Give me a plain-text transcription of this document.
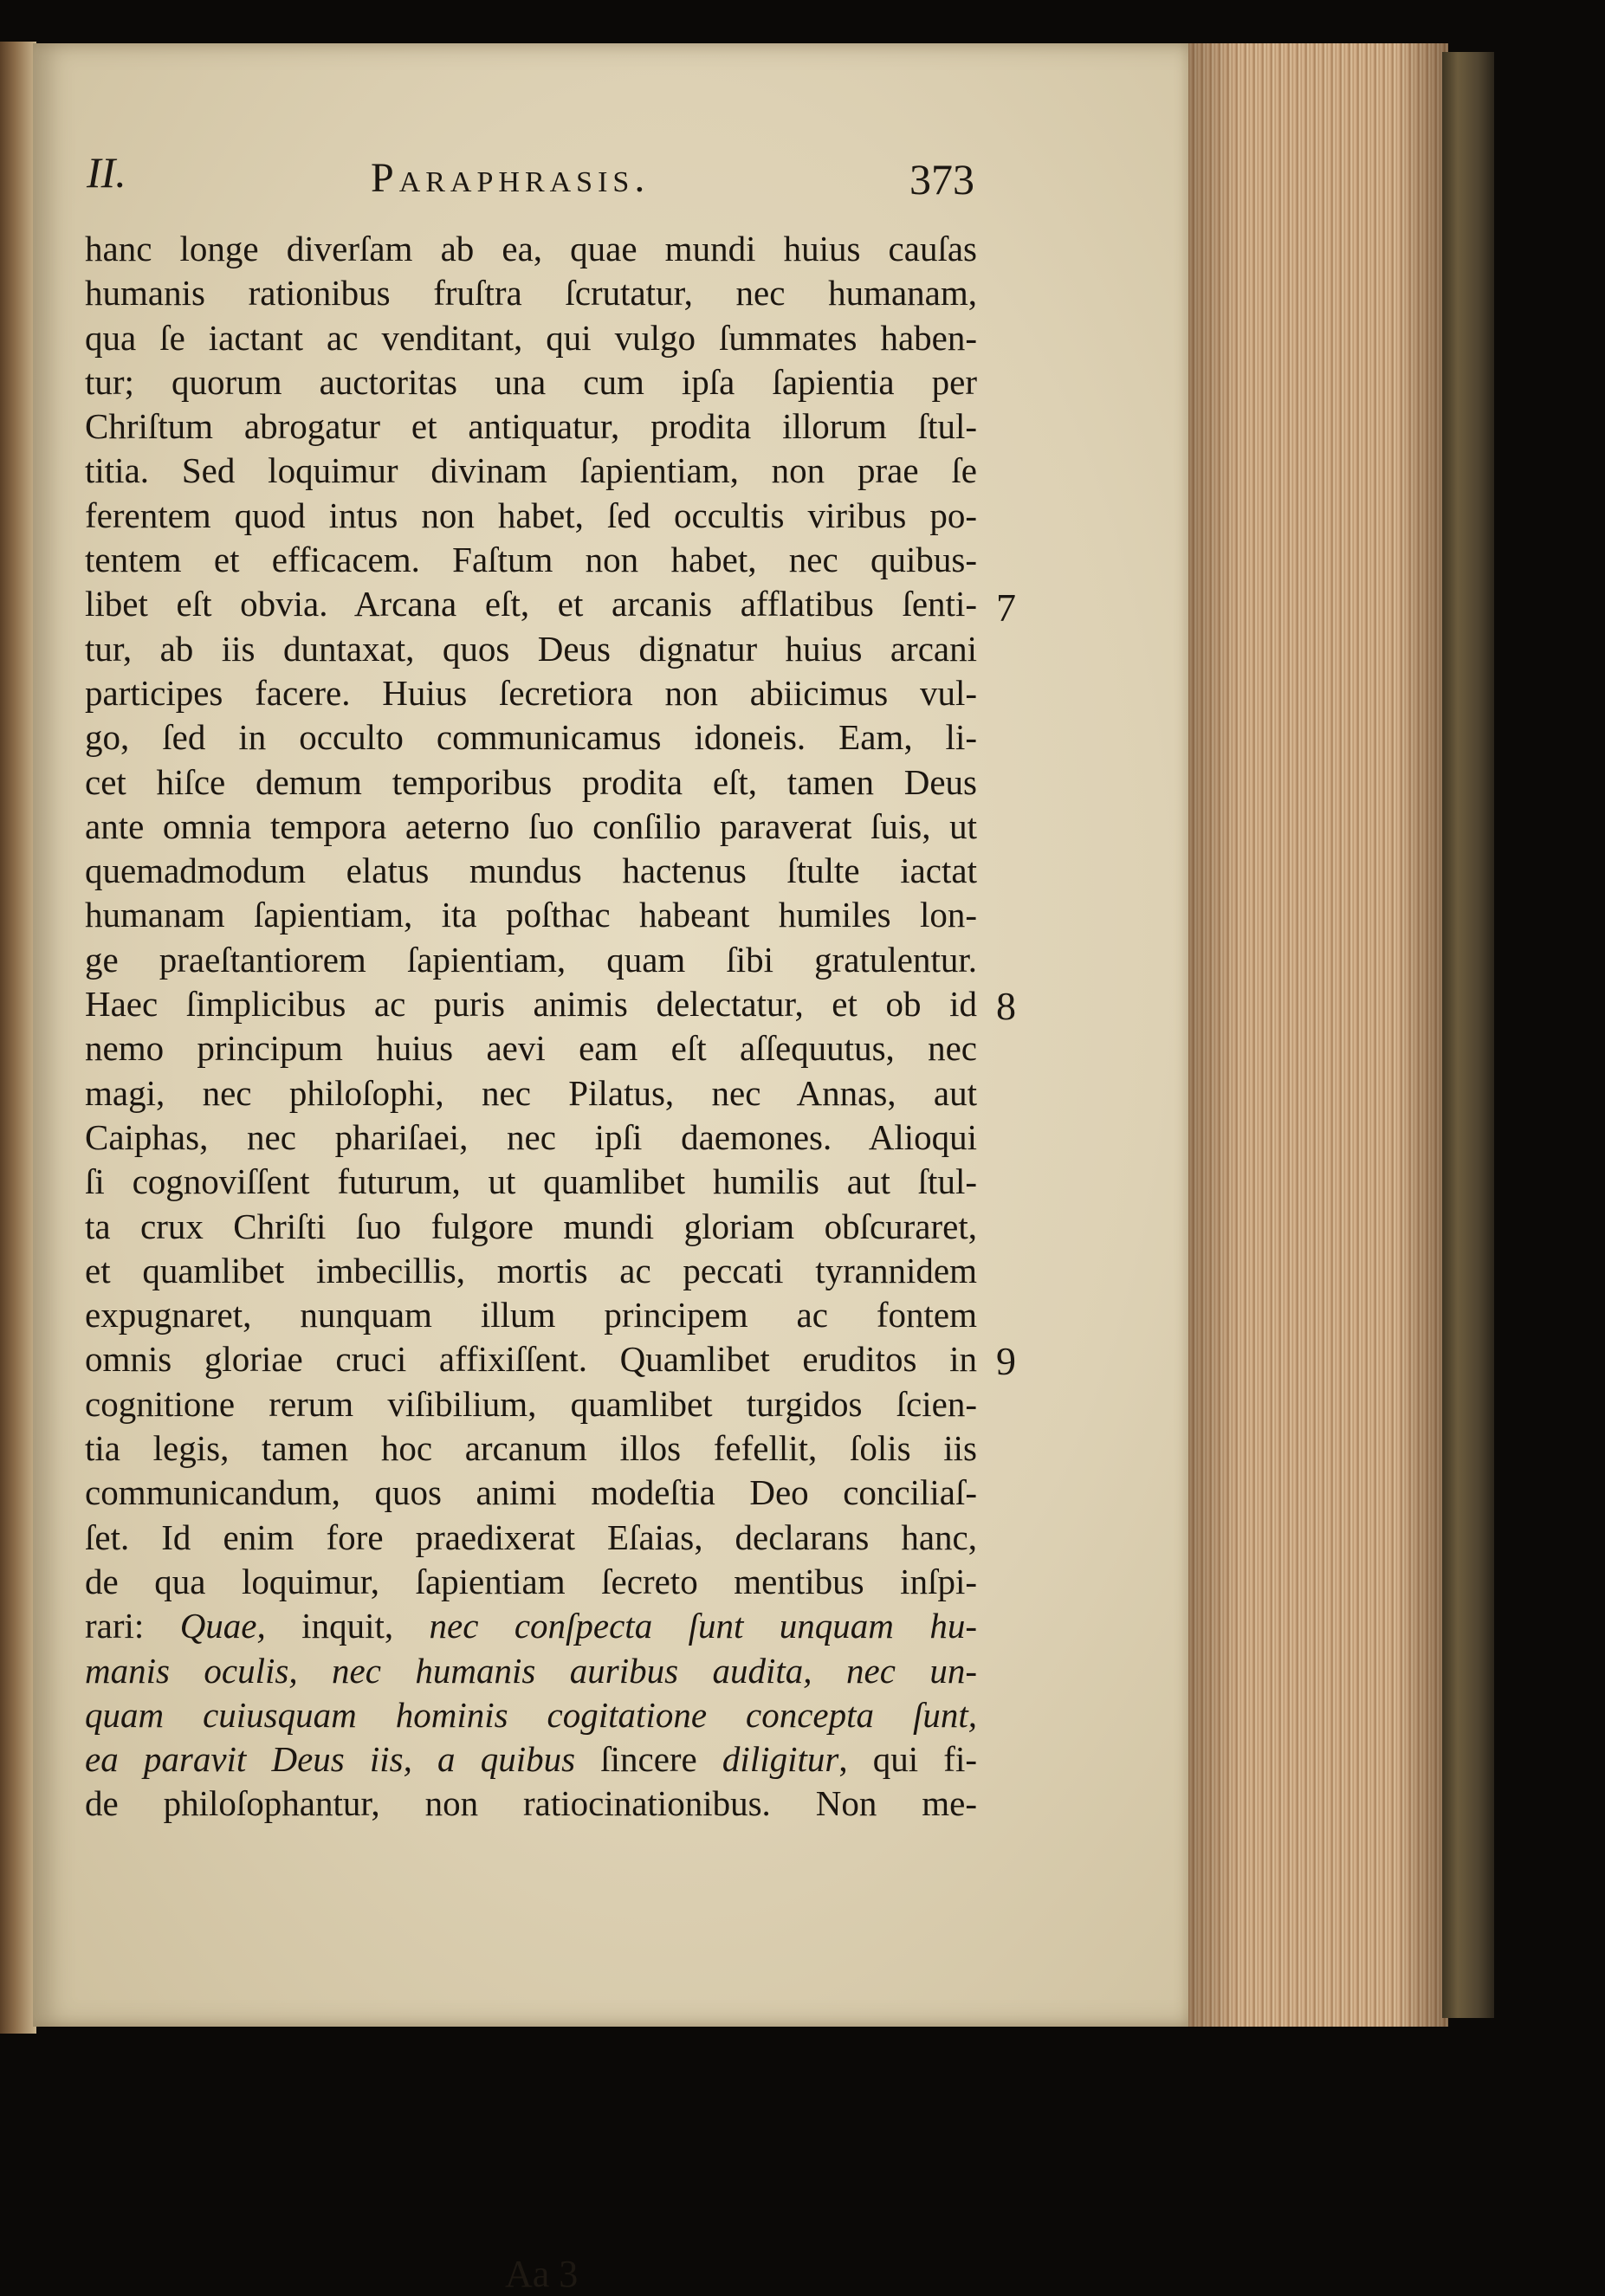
II.	Paraphrasis.	373
hanc longe diverſam ab ea, quae mundi huius cauſas
humanis rationibus fruſtra ſcrutatur, nec humanam,
qua ſe iactant ac venditant, qui vulgo ſummates haben-
tur; quorum auctoritas una cum ipſa ſapientia per
Chriſtum abrogatur et antiquatur, prodita illorum ſtul-
titia. Sed loquimur divinam ſapientiam, non prae ſe
ferentem quod intus non habet, ſed occultis viribus po-
tentem et efficacem. Faſtum non habet, nec quibus-
libet eſt obvia. Arcana eſt, et arcanis afflatibus ſenti-
tur, ab iis duntaxat, quos Deus dignatur huius arcani
participes facere. Huius ſecretiora non abiicimus vul-
go, ſed in occulto communicamus idoneis. Eam, li-
cet hiſce demum temporibus prodita eſt, tamen Deus
ante omnia tempora aeterno ſuo conſilio paraverat ſuis, ut
quemadmodum elatus mundus hactenus ſtulte iactat
humanam ſapientiam, ita poſthac habeant humiles lon-
ge praeſtantiorem ſapientiam, quam ſibi gratulentur.
Haec ſimplicibus ac puris animis delectatur, et ob id
nemo principum huius aevi eam eſt aſſequutus, nec
magi, nec philoſophi, nec Pilatus, nec Annas, aut
Caiphas, nec phariſaei, nec ipſi daemones. Alioqui
ſi cognoviſſent futurum, ut quamlibet humilis aut ſtul-
ta crux Chriſti ſuo fulgore mundi gloriam obſcuraret,
et quamlibet imbecillis, mortis ac peccati tyrannidem
expugnaret, nunquam illum principem ac fontem
omnis gloriae cruci affixiſſent. Quamlibet eruditos in
cognitione rerum viſibilium, quamlibet turgidos ſcien-
tia legis, tamen hoc arcanum illos fefellit, ſolis iis
communicandum, quos animi modeſtia Deo conciliaſ-
ſet. Id enim fore praedixerat Eſaias, declarans hanc,
de qua loquimur, ſapientiam ſecreto mentibus inſpi-
rari: Quae, inquit, nec conſpecta ſunt unquam hu-
manis oculis, nec humanis auribus audita, nec un-
quam cuiusquam hominis cogitatione concepta ſunt,
ea paravit Deus iis, a quibus ſincere diligitur, qui fi-
de philoſophantur, non ratiocinationibus. Non me-
7
8
9
Aa 3
